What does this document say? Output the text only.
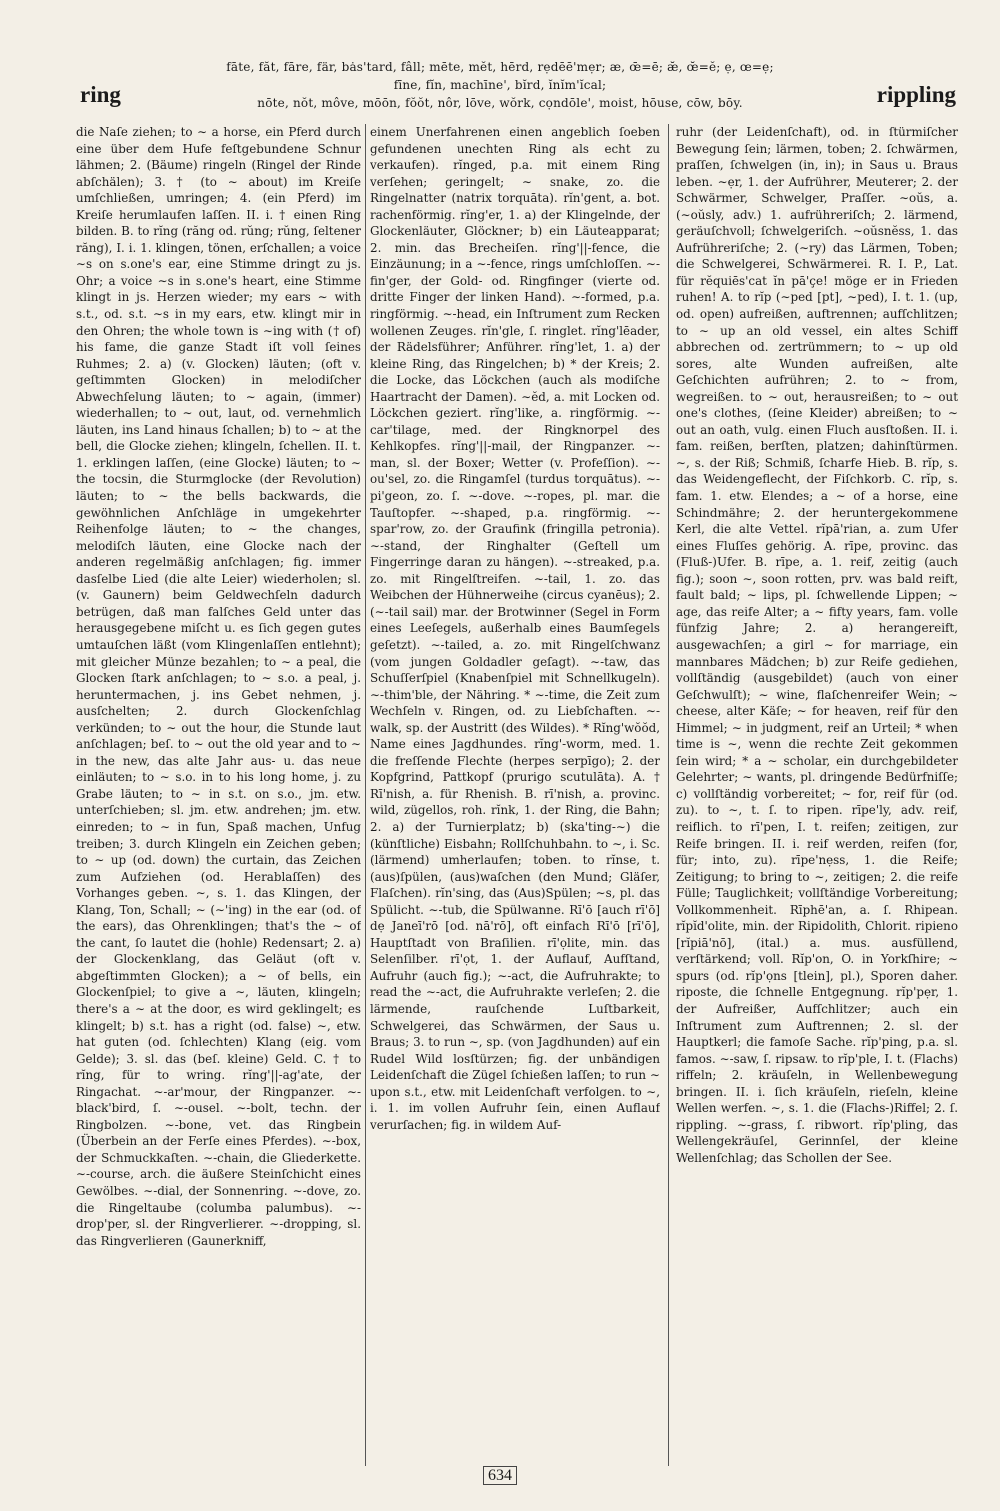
fāte, făt, fāre, fär, bȧs'tard, fâll; mēte, mĕt, hērd, rẹdēē'mẹr; æ, œ̄=ē; æ̆, œ̆=ĕ; ẹ, œ=ẹ;
fīne, fĭn, machīne', bĭrd, ĭnĭm'ĭcal;
nōte, nŏt, môve, mōōn, fŏŏt, nôr, lōve, wŏrk, cọndōle', moist, hōuse, cōw, bōy.
ring	rippling
die Naſe ziehen; to ∼ a horse, ein Pferd durch eine über dem Hufe feſtgebundene Schnur lähmen; 2. (Bäume) ringeln (Ringel der Rinde abſchälen); 3. † (to ∼ about) im Kreiſe umſchließen, umringen; 4. (ein Pferd) im Kreiſe herumlaufen laſſen. II. i. † einen Ring bilden. B. to rĭng (răng od. rŭng; rŭng, ſeltener răng), I. i. 1. klingen, tönen, erſchallen; a voice ∼s on s.one's ear, eine Stimme dringt zu js. Ohr; a voice ∼s in s.one's heart, eine Stimme klingt in js. Herzen wieder; my ears ∼ with s.t., od. s.t. ∼s in my ears, etw. klingt mir in den Ohren; the whole town is ∼ing with († of) his fame, die ganze Stadt iſt voll ſeines Ruhmes; 2. a) (v. Glocken) läuten; (oft v. geſtimmten Glocken) in melodiſcher Abwechſelung läuten; to ∼ again, (immer) wiederhallen; to ∼ out, laut, od. vernehmlich läuten, ins Land hinaus ſchallen; b) to ∼ at the bell, die Glocke ziehen; klingeln, ſchellen. II. t. 1. erklingen laſſen, (eine Glocke) läuten; to ∼ the tocsin, die Sturmglocke (der Revolution) läuten; to ∼ the bells backwards, die gewöhnlichen Anſchläge in umgekehrter Reihenfolge läuten; to ∼ the changes, melodiſch läuten, eine Glocke nach der anderen regelmäßig anſchlagen; fig. immer dasſelbe Lied (die alte Leier) wiederholen; sl. (v. Gaunern) beim Geldwechſeln dadurch betrügen, daß man falſches Geld unter das herausgegebene miſcht u. es ſich gegen gutes umtauſchen läßt (vom Klingenlaſſen entlehnt); mit gleicher Münze bezahlen; to ∼ a peal, die Glocken ſtark anſchlagen; to ∼ s.o. a peal, j. heruntermachen, j. ins Gebet nehmen, j. ausſchelten; 2. durch Glockenſchlag verkünden; to ∼ out the hour, die Stunde laut anſchlagen; beſ. to ∼ out the old year and to ∼ in the new, das alte Jahr aus- u. das neue einläuten; to ∼ s.o. in to his long home, j. zu Grabe läuten; to ∼ in s.t. on s.o., jm. etw. unterſchieben; sl. jm. etw. andrehen; jm. etw. einreden; to ∼ in fun, Spaß machen, Unfug treiben; 3. durch Klingeln ein Zeichen geben; to ∼ up (od. down) the curtain, das Zeichen zum Aufziehen (od. Herablaſſen) des Vorhanges geben. ∼, s. 1. das Klingen, der Klang, Ton, Schall; ∼ (∼'ing) in the ear (od. of the ears), das Ohrenklingen; that's the ∼ of the cant, ſo lautet die (hohle) Redensart; 2. a) der Glockenklang, das Geläut (oft v. abgeſtimmten Glocken); a ∼ of bells, ein Glockenſpiel; to give a ∼, läuten, klingeln; there's a ∼ at the door, es wird geklingelt; es klingelt; b) s.t. has a right (od. false) ∼, etw. hat guten (od. ſchlechten) Klang (eig. vom Gelde); 3. sl. das (beſ. kleine) Geld. C. † to rĭng, für to wring. rĭng'||-ag'ate, der Ringachat. ∼-ar'mour, der Ringpanzer. ∼-black'bird, ſ. ∼-ousel. ∼-bolt, techn. der Ringbolzen. ∼-bone, vet. das Ringbein (Überbein an der Ferſe eines Pferdes). ∼-box, der Schmuckkaſten. ∼-chain, die Gliederkette. ∼-course, arch. die äußere Steinſchicht eines Gewölbes. ∼-dial, der Sonnenring. ∼-dove, zo. die Ringeltaube (columba palumbus). ∼-drop'per, sl. der Ringverlierer. ∼-dropping, sl. das Ringverlieren (Gaunerkniff,
einem Unerfahrenen einen angeblich ſoeben gefundenen unechten Ring als echt zu verkaufen). rĭnged, p.a. mit einem Ring verſehen; geringelt; ∼ snake, zo. die Ringelnatter (natrix torquāta). rĭn'gent, a. bot. rachenförmig. rĭng'er, 1. a) der Klingelnde, der Glockenläuter, Glöckner; b) ein Läuteapparat; 2. min. das Brecheiſen. rĭng'||-fence, die Einzäunung; in a ∼-fence, rings umſchloſſen. ∼-fin'ger, der Gold- od. Ringfinger (vierte od. dritte Finger der linken Hand). ∼-formed, p.a. ringförmig. ∼-head, ein Inſtrument zum Recken wollenen Zeuges. rĭn'gle, ſ. ringlet. rĭng'lēader, der Rädelsführer; Anführer. rĭng'let, 1. a) der kleine Ring, das Ringelchen; b) * der Kreis; 2. die Locke, das Löckchen (auch als modiſche Haartracht der Damen). ∼ĕd, a. mit Locken od. Löckchen geziert. rĭng'like, a. ringförmig. ∼-car'tilage, med. der Ringknorpel des Kehlkopfes. rĭng'||-mail, der Ringpanzer. ∼-man, sl. der Boxer; Wetter (v. Profeſſion). ∼-ou'sel, zo. die Ringamſel (turdus torquātus). ∼-pi'geon, zo. ſ. ∼-dove. ∼-ropes, pl. mar. die Tauſtopfer. ∼-shaped, p.a. ringförmig. ∼-spar'row, zo. der Graufink (fringilla petronia). ∼-stand, der Ringhalter (Geſtell um Fingerringe daran zu hängen). ∼-streaked, p.a. zo. mit Ringelſtreifen. ∼-tail, 1. zo. das Weibchen der Hühnerweihe (circus cyanēus); 2. (∼-tail sail) mar. der Brotwinner (Segel in Form eines Leeſegels, außerhalb eines Baumſegels geſetzt). ∼-tailed, a. zo. mit Ringelſchwanz (vom jungen Goldadler geſagt). ∼-taw, das Schuſſerſpiel (Knabenſpiel mit Schnellkugeln). ∼-thim'ble, der Nähring. * ∼-time, die Zeit zum Wechſeln v. Ringen, od. zu Liebſchaften. ∼-walk, sp. der Austritt (des Wildes). * Rĭng'wŏŏd, Name eines Jagdhundes. rĭng'-worm, med. 1. die freſſende Flechte (herpes serpīgo); 2. der Kopfgrind, Pattkopf (prurigo scutulāta). A. † Rī'nish, a. für Rhenish. B. rī'nish, a. provinc. wild, zügellos, roh. rĭnk, 1. der Ring, die Bahn; 2. a) der Turnierplatz; b) (ska'ting-∼) die (künſtliche) Eisbahn; Rollſchuhbahn. to ∼, i. Sc. (lärmend) umherlaufen; toben. to rĭnse, t. (aus)ſpülen, (aus)waſchen (den Mund; Gläſer, Flaſchen). rĭn'sing, das (Aus)Spülen; ∼s, pl. das Spülicht. ∼-tub, die Spülwanne. Rī'ō [auch rī'ō] dẹ Janeī'rō [od. nā'rō], oft einfach Rī'ō [rī'ō], Hauptſtadt von Braſilien. rī'ọlite, min. das Selenſilber. rī'ọt, 1. der Auflauf, Aufſtand, Aufruhr (auch fig.); ∼-act, die Aufruhrakte; to read the ∼-act, die Aufruhrakte verleſen; 2. die lärmende, rauſchende Luſtbarkeit, Schwelgerei, das Schwärmen, der Saus u. Braus; 3. to run ∼, sp. (von Jagdhunden) auf ein Rudel Wild losſtürzen; fig. der unbändigen Leidenſchaft die Zügel ſchießen laſſen; to run ∼ upon s.t., etw. mit Leidenſchaft verfolgen. to ∼, i. 1. im vollen Aufruhr ſein, einen Auflauf verurſachen; fig. in wildem Auf-
ruhr (der Leidenſchaft), od. in ſtürmiſcher Bewegung ſein; lärmen, toben; 2. ſchwärmen, praſſen, ſchwelgen (in, in); in Saus u. Braus leben. ∼ẹr, 1. der Aufrührer, Meuterer; 2. der Schwärmer, Schwelger, Praſſer. ∼oŭs, a. (∼oŭsly, adv.) 1. aufrühreriſch; 2. lärmend, geräuſchvoll; ſchwelgeriſch. ∼oŭsnĕss, 1. das Aufrühreriſche; 2. (∼ry) das Lärmen, Toben; die Schwelgerei, Schwärmerei. R. I. P., Lat. für rĕquiēs'cat ĭn pā'çe! möge er in Frieden ruhen! A. to rĭp (∼ped [pt], ∼ped), I. t. 1. (up, od. open) aufreißen, auftrennen; aufſchlitzen; to ∼ up an old vessel, ein altes Schiff abbrechen od. zertrümmern; to ∼ up old sores, alte Wunden aufreißen, alte Geſchichten aufrühren; 2. to ∼ from, wegreißen. to ∼ out, herausreißen; to ∼ out one's clothes, (ſeine Kleider) abreißen; to ∼ out an oath, vulg. einen Fluch ausſtoßen. II. i. fam. reißen, berſten, platzen; dahinſtürmen. ∼, s. der Riß; Schmiß, ſcharfe Hieb. B. rĭp, s. das Weidengeflecht, der Fiſchkorb. C. rĭp, s. fam. 1. etw. Elendes; a ∼ of a horse, eine Schindmähre; 2. der heruntergekommene Kerl, die alte Vettel. rĭpā'rian, a. zum Ufer eines Fluſſes gehörig. A. rīpe, provinc. das (Fluß-)Ufer. B. rīpe, a. 1. reif, zeitig (auch fig.); soon ∼, soon rotten, prv. was bald reift, fault bald; ∼ lips, pl. ſchwellende Lippen; ∼ age, das reife Alter; a ∼ fifty years, fam. volle fünfzig Jahre; 2. a) herangereift, ausgewachſen; a girl ∼ for marriage, ein mannbares Mädchen; b) zur Reife gediehen, vollſtändig (ausgebildet) (auch von einer Geſchwulſt); ∼ wine, flaſchenreifer Wein; ∼ cheese, alter Käſe; ∼ for heaven, reif für den Himmel; ∼ in judgment, reif an Urteil; * when time is ∼, wenn die rechte Zeit gekommen ſein wird; * a ∼ scholar, ein durchgebildeter Gelehrter; ∼ wants, pl. dringende Bedürfniſſe; c) vollſtändig vorbereitet; ∼ for, reif für (od. zu). to ∼, t. ſ. to ripen. rīpe'ly, adv. reif, reiflich. to rī'pen, I. t. reifen; zeitigen, zur Reife bringen. II. i. reif werden, reifen (for, für; into, zu). rīpe'nẹss, 1. die Reife; Zeitigung; to bring to ∼, zeitigen; 2. die reife Fülle; Tauglichkeit; vollſtändige Vorbereitung; Vollkommenheit. Rīphē'an, a. ſ. Rhipean. rĭpĭd'olite, min. der Ripidolith, Chlorit. ripieno [rĭpiā'nō], (ital.) a. mus. ausfüllend, verſtärkend; voll. Rĭp'on, O. in Yorkſhire; ∼ spurs (od. rĭp'ọns [tlein], pl.), Sporen daher. riposte, die ſchnelle Entgegnung. rĭp'pẹr, 1. der Aufreißer, Aufſchlitzer; auch ein Inſtrument zum Auftrennen; 2. sl. der Hauptkerl; die famoſe Sache. rĭp'ping, p.a. sl. famos. ∼-saw, ſ. ripsaw. to rĭp'ple, I. t. (Flachs) riffeln; 2. kräuſeln, in Wellenbewegung bringen. II. i. ſich kräuſeln, rieſeln, kleine Wellen werfen. ∼, s. 1. die (Flachs-)Riffel; 2. ſ. rippling. ∼-grass, ſ. ribwort. rĭp'pling, das Wellengekräuſel, Gerinnſel, der kleine Wellenſchlag; das Schollen der See.
634
